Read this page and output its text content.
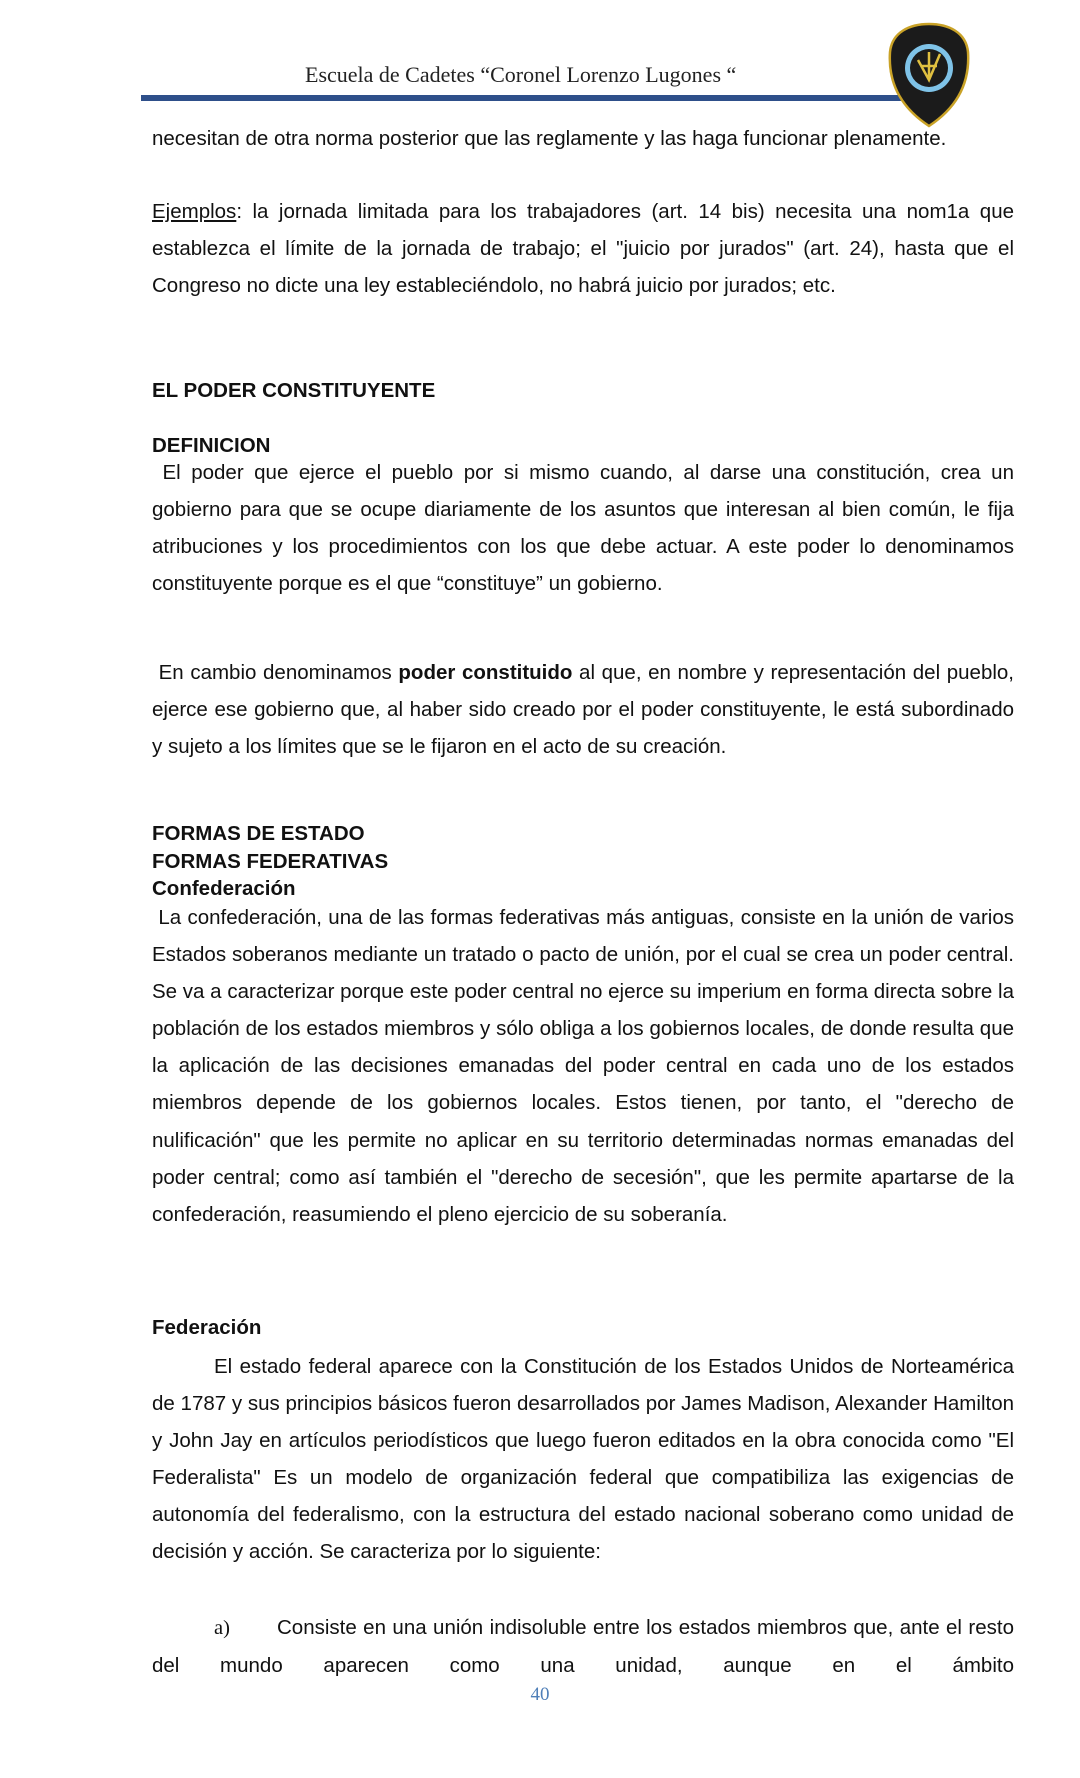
Escuela de Cadetes “Coronel Lorenzo Lugones “

necesitan de otra norma posterior que las reglamente y las haga funcionar plenamente.

Ejemplos: la jornada limitada para los trabajadores (art. 14 bis) necesita una nom1a que establezca el límite de la jornada de trabajo; el "juicio por jurados" (art. 24), hasta que el Congreso no dicte una ley estableciéndolo, no habrá juicio por jurados; etc.

EL PODER CONSTITUYENTE
DEFINICION

El poder que ejerce el pueblo por si mismo cuando, al darse una constitución, crea un gobierno para que se ocupe diariamente de los asuntos que interesan al bien común, le fija atribuciones y los procedimientos con los que debe actuar. A este poder lo denominamos constituyente porque es el que “constituye” un gobierno.

En cambio denominamos poder constituido al que, en nombre y representación del pueblo, ejerce ese gobierno que, al haber sido creado por el poder constituyente, le está subordinado y sujeto a los límites que se le fijaron en el acto de su creación.

FORMAS DE ESTADO
FORMAS FEDERATIVAS
Confederación

La confederación, una de las formas federativas más antiguas, consiste en la unión de varios Estados soberanos mediante un tratado o pacto de unión, por el cual se crea un poder central. Se va a caracterizar porque este poder central no ejerce su imperium en forma directa sobre la población de los estados miembros y sólo obliga a los gobiernos locales, de donde resulta que la aplicación de las decisiones emanadas del poder central en cada uno de los estados miembros depende de los gobiernos locales. Estos tienen, por tanto, el "derecho de nulificación" que les permite no aplicar en su territorio determinadas normas emanadas del poder central; como así también el "derecho de secesión", que les permite apartarse de la confederación, reasumiendo el pleno ejercicio de su soberanía.

Federación

El estado federal aparece con la Constitución de los Estados Unidos de Norteamérica de 1787 y sus principios básicos fueron desarrollados por James Madison, Alexander Hamilton y John Jay en artículos periodísticos que luego fueron editados en la obra conocida como "El Federalista" Es un modelo de organización federal que compatibiliza las exigencias de autonomía del federalismo, con la estructura del estado nacional soberano como unidad de decisión y acción. Se caracteriza por lo siguiente:

a) Consiste en una unión indisoluble entre los estados miembros que, ante el resto del mundo aparecen como una unidad, aunque en el ámbito

40
